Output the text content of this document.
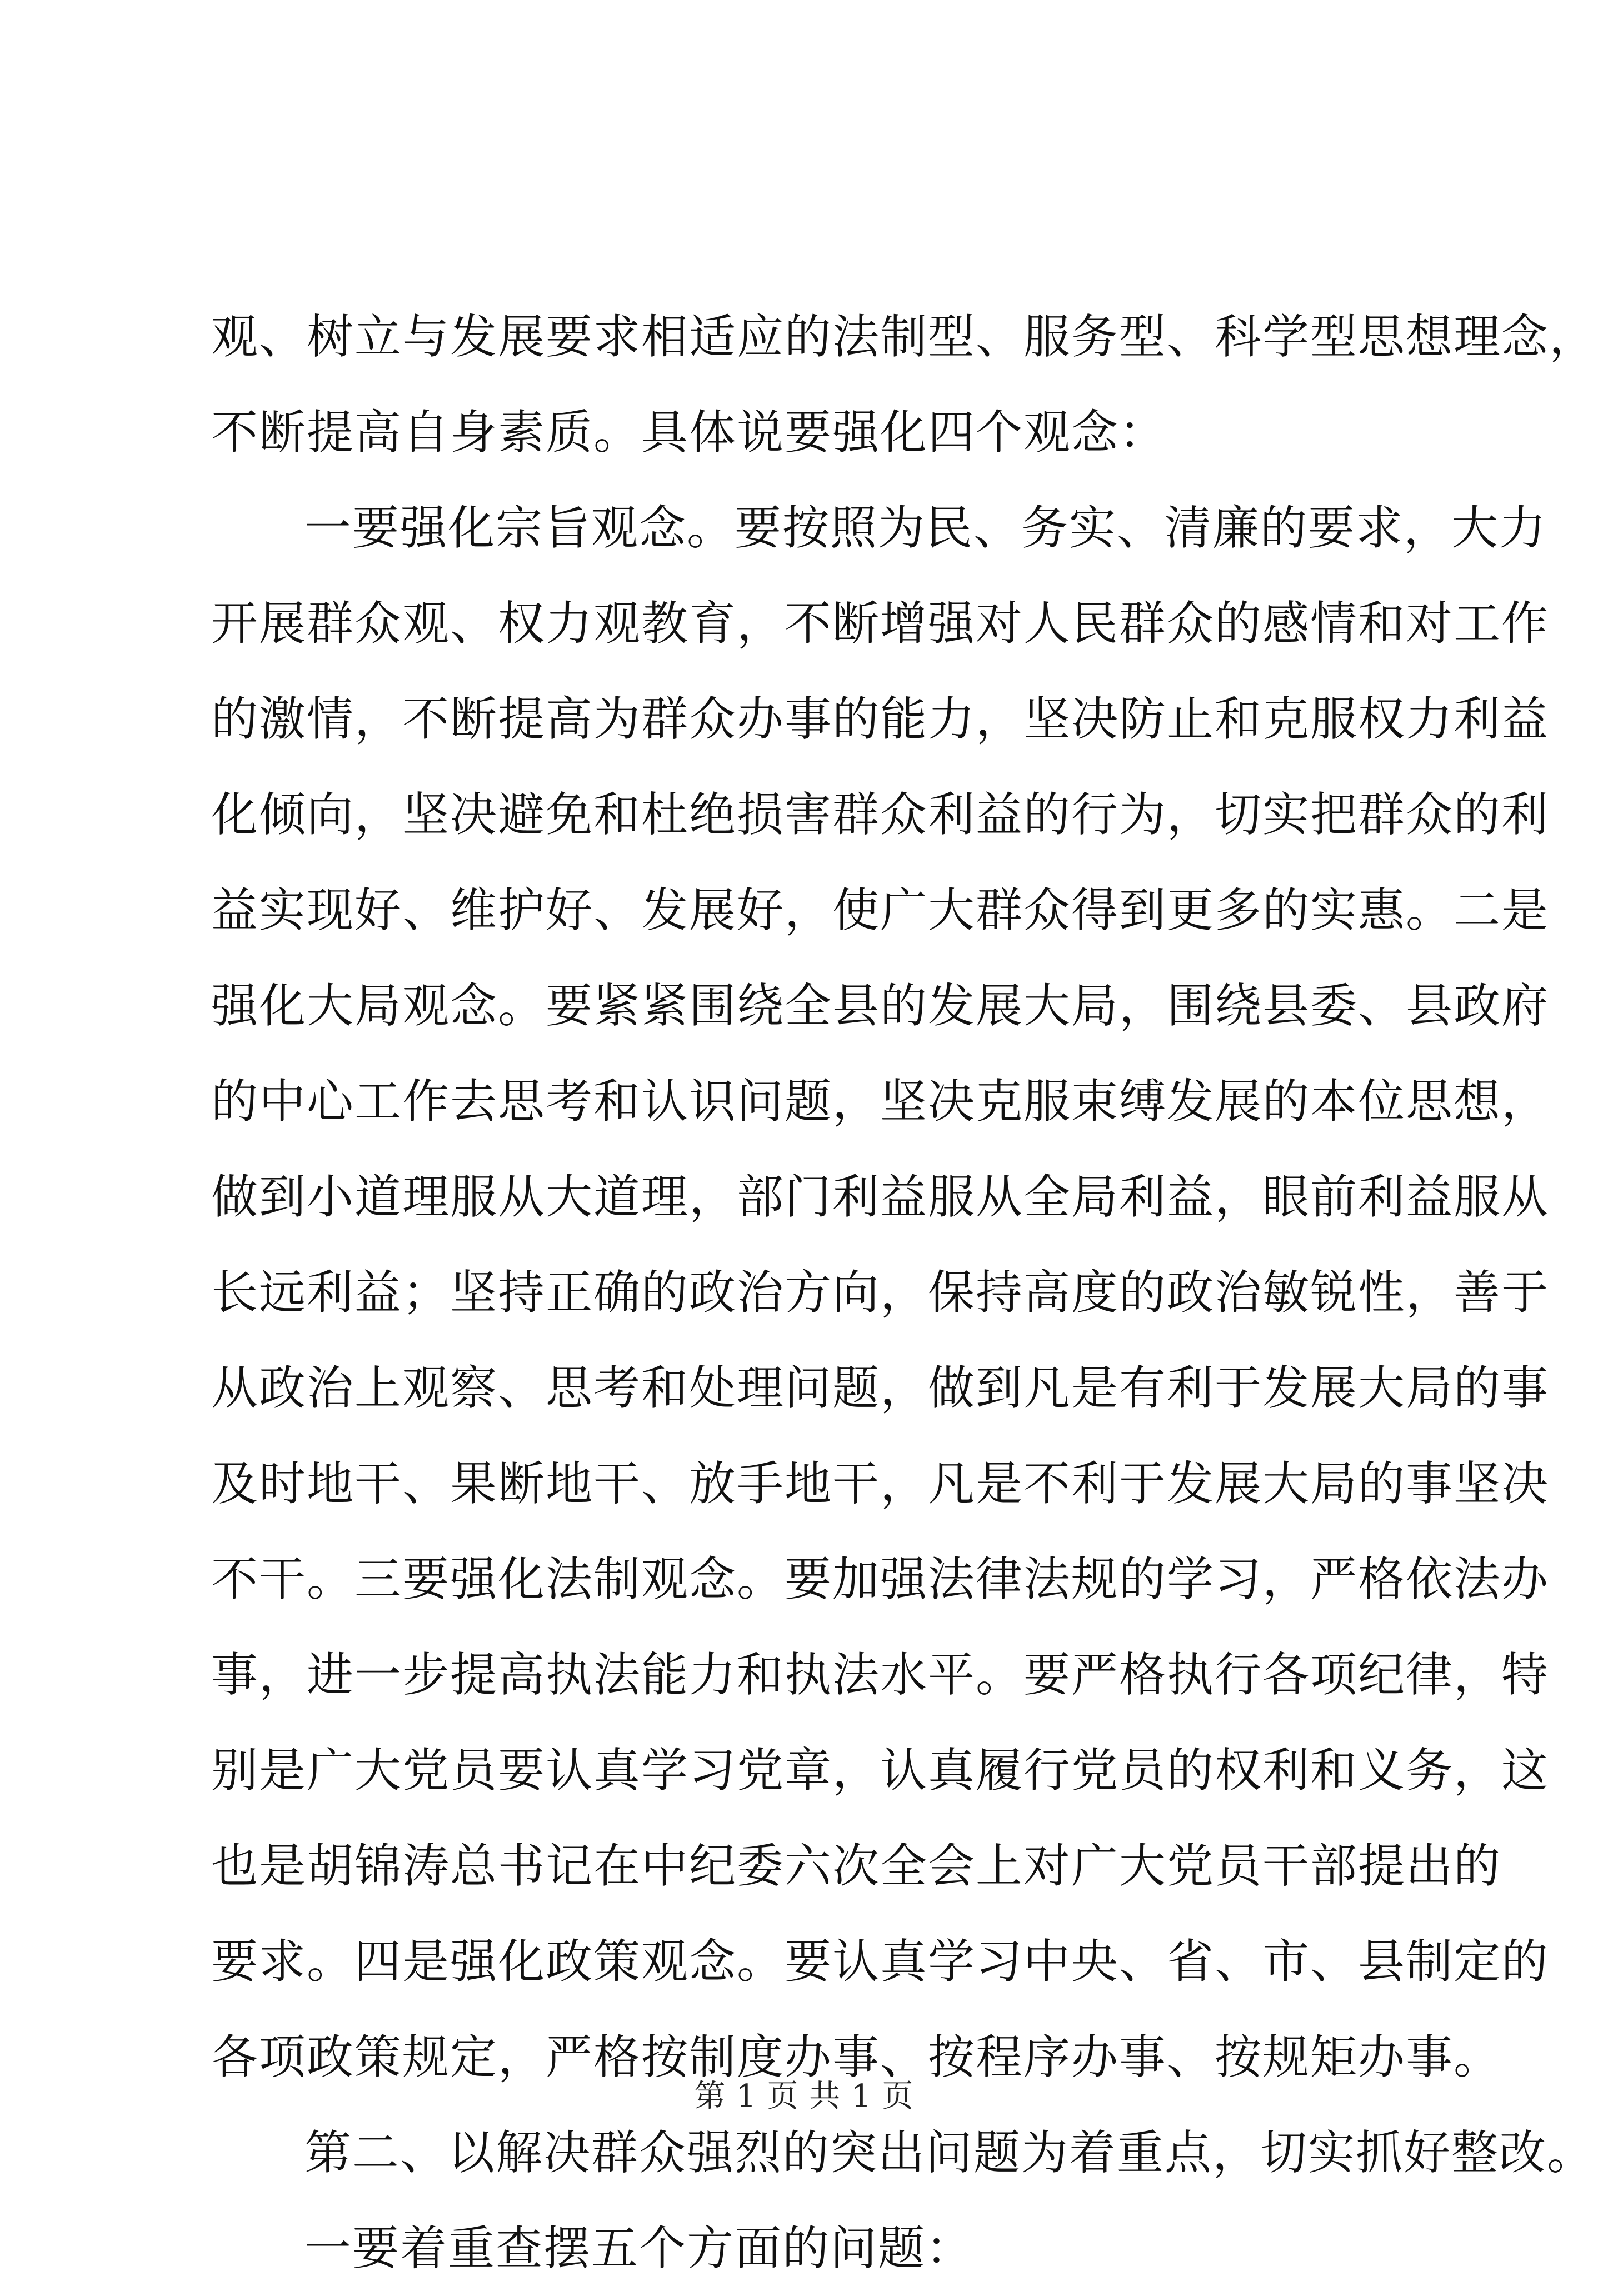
观、树立与发展要求相适应的法制型、服务型、科学型思想理念，
不断提高自身素质。具体说要强化四个观念：
一要强化宗旨观念。要按照为民、务实、清廉的要求，大力
开展群众观、权力观教育，不断增强对人民群众的感情和对工作
的激情，不断提高为群众办事的能力，坚决防止和克服权力利益
化倾向，坚决避免和杜绝损害群众利益的行为，切实把群众的利
益实现好、维护好、发展好，使广大群众得到更多的实惠。二是
强化大局观念。要紧紧围绕全县的发展大局，围绕县委、县政府
的中心工作去思考和认识问题，坚决克服束缚发展的本位思想，
做到小道理服从大道理，部门利益服从全局利益，眼前利益服从
长远利益；坚持正确的政治方向，保持高度的政治敏锐性，善于
从政治上观察、思考和处理问题，做到凡是有利于发展大局的事
及时地干、果断地干、放手地干，凡是不利于发展大局的事坚决
不干。三要强化法制观念。要加强法律法规的学习，严格依法办
事，进一步提高执法能力和执法水平。要严格执行各项纪律，特
别是广大党员要认真学习党章，认真履行党员的权利和义务，这
也是胡锦涛总书记在中纪委六次全会上对广大党员干部提出的
要求。四是强化政策观念。要认真学习中央、省、市、县制定的
各项政策规定，严格按制度办事、按程序办事、按规矩办事。
第二、以解决群众强烈的突出问题为着重点，切实抓好整改。
一要着重查摆五个方面的问题：
第 1 页 共 1 页
